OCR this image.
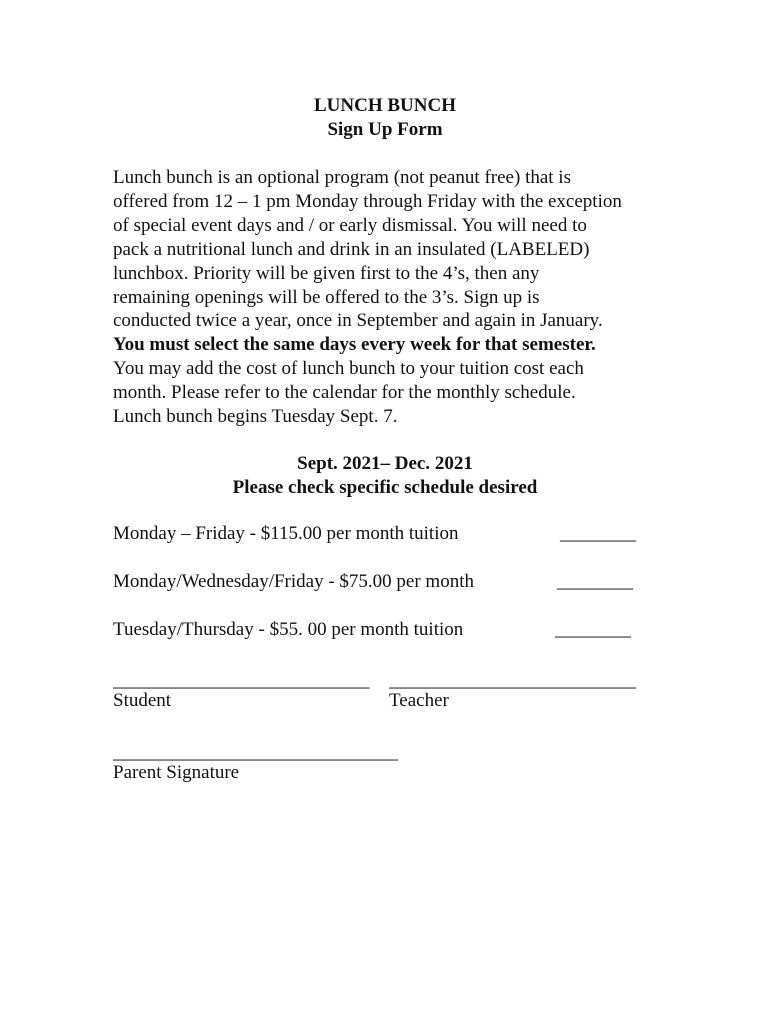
LUNCH BUNCH
Sign Up Form
Lunch bunch is an optional program (not peanut free) that is
offered from 12 – 1 pm Monday through Friday with the exception
of special event days and / or early dismissal. You will need to
pack a nutritional lunch and drink in an insulated (LABELED)
lunchbox. Priority will be given first to the 4’s, then any
remaining openings will be offered to the 3’s. Sign up is
conducted twice a year, once in September and again in January.
You must select the same days every week for that semester.
You may add the cost of lunch bunch to your tuition cost each
month. Please refer to the calendar for the monthly schedule.
Lunch bunch begins Tuesday Sept. 7.
Sept. 2021– Dec. 2021
Please check specific schedule desired
Monday – Friday - $115.00 per month tuition	________
Monday/Wednesday/Friday - $75.00 per month	________
Tuesday/Thursday - $55. 00 per month tuition	________
___________________________
Student
__________________________
Teacher
______________________________
Parent Signature
